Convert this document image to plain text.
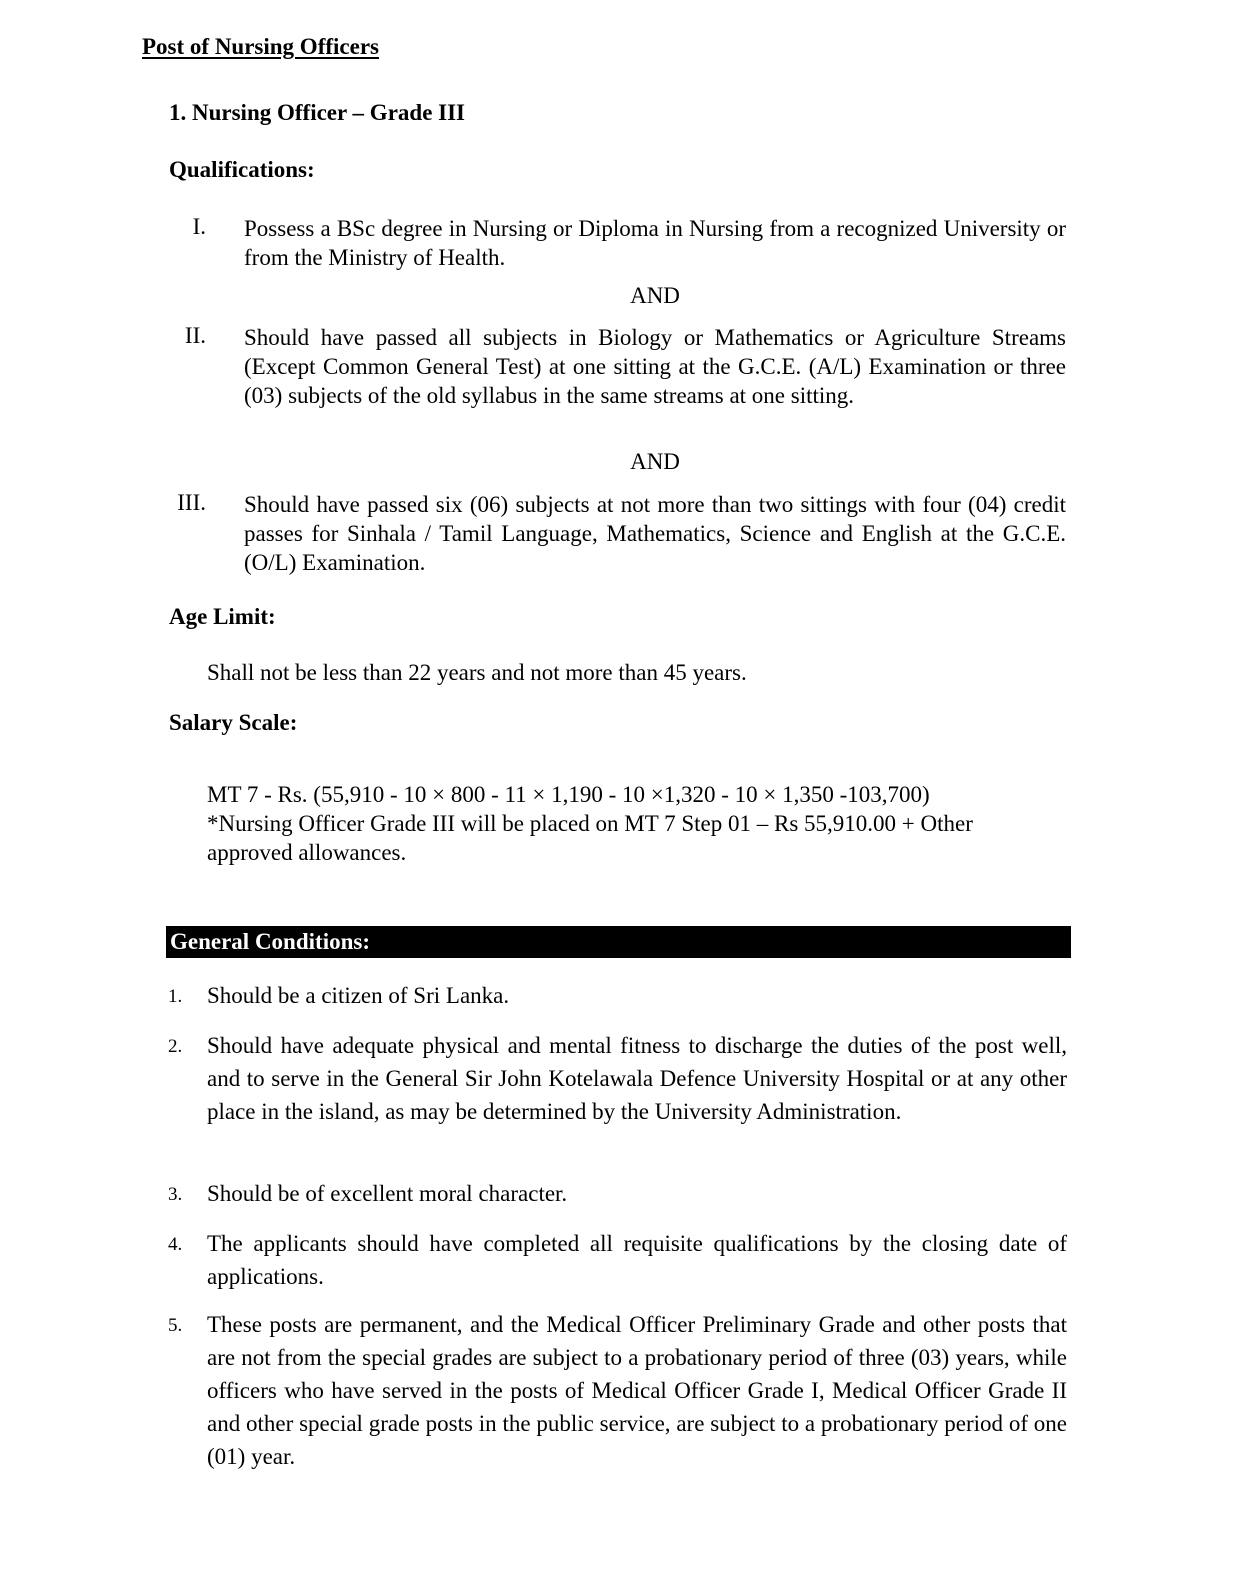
Post of Nursing Officers
1. Nursing Officer – Grade III
Qualifications:
I. Possess a BSc degree in Nursing or Diploma in Nursing from a recognized University or from the Ministry of Health.
AND
II. Should have passed all subjects in Biology or Mathematics or Agriculture Streams (Except Common General Test) at one sitting at the G.C.E. (A/L) Examination or three (03) subjects of the old syllabus in the same streams at one sitting.
AND
III. Should have passed six (06) subjects at not more than two sittings with four (04) credit passes for Sinhala / Tamil Language, Mathematics, Science and English at the G.C.E. (O/L) Examination.
Age Limit:
Shall not be less than 22 years and not more than 45 years.
Salary Scale:
MT 7 - Rs. (55,910 - 10 × 800 - 11 × 1,190 - 10 ×1,320 - 10 × 1,350 -103,700)
*Nursing Officer Grade III will be placed on MT 7 Step 01 – Rs 55,910.00 + Other approved allowances.
General Conditions:
1. Should be a citizen of Sri Lanka.
2. Should have adequate physical and mental fitness to discharge the duties of the post well, and to serve in the General Sir John Kotelawala Defence University Hospital or at any other place in the island, as may be determined by the University Administration.
3. Should be of excellent moral character.
4. The applicants should have completed all requisite qualifications by the closing date of applications.
5. These posts are permanent, and the Medical Officer Preliminary Grade and other posts that are not from the special grades are subject to a probationary period of three (03) years, while officers who have served in the posts of Medical Officer Grade I, Medical Officer Grade II and other special grade posts in the public service, are subject to a probationary period of one (01) year.
